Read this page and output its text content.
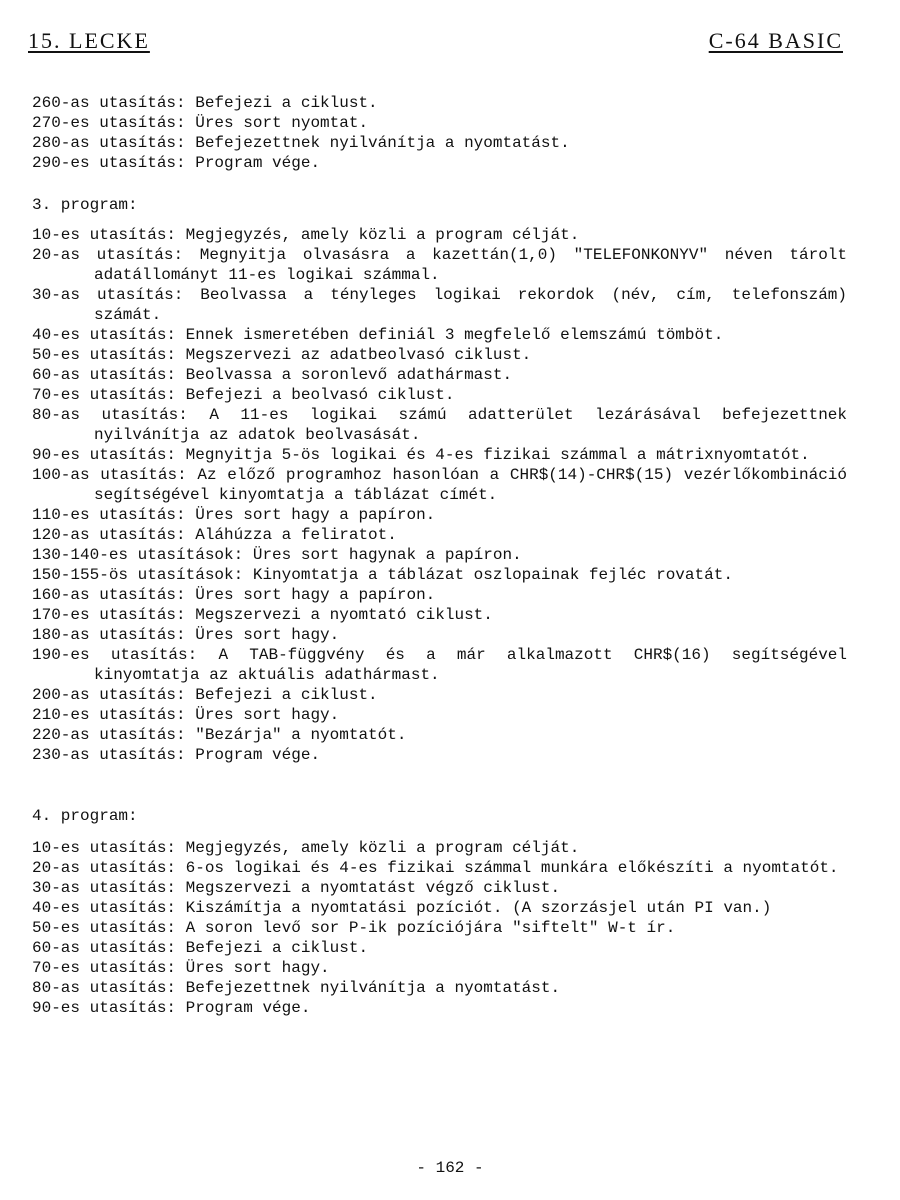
15. LECKE	C-64 BASIC
260-as utasítás: Befejezi a ciklust.
270-es utasítás: Üres sort nyomtat.
280-as utasítás: Befejezettnek nyilvánítja a nyomtatást.
290-es utasítás: Program vége.
3. program:
10-es utasítás: Megjegyzés, amely közli a program célját.
20-as utasítás: Megnyitja olvasásra a kazettán(1,0) "TELEFONKONYV" néven tárolt adatállományt 11-es logikai számmal.
30-as utasítás: Beolvassa a tényleges logikai rekordok (név, cím, telefonszám) számát.
40-es utasítás: Ennek ismeretében definiál 3 megfelelő elemszámú tömböt.
50-es utasítás: Megszervezi az adatbeolvasó ciklust.
60-as utasítás: Beolvassa a soronlevő adathármast.
70-es utasítás: Befejezi a beolvasó ciklust.
80-as utasítás: A 11-es logikai számú adatterület lezárásával befejezettnek nyilvánítja az adatok beolvasását.
90-es utasítás: Megnyitja 5-ös logikai és 4-es fizikai számmal a mátrixnyomtatót.
100-as utasítás: Az előző programhoz hasonlóan a CHR$(14)-CHR$(15) vezérlőkombináció segítségével kinyomtatja a táblázat címét.
110-es utasítás: Üres sort hagy a papíron.
120-as utasítás: Aláhúzza a feliratot.
130-140-es utasítások: Üres sort hagynak a papíron.
150-155-ös utasítások: Kinyomtatja a táblázat oszlopainak fejléc rovatát.
160-as utasítás: Üres sort hagy a papíron.
170-es utasítás: Megszervezi a nyomtató ciklust.
180-as utasítás: Üres sort hagy.
190-es utasítás: A TAB-függvény és a már alkalmazott CHR$(16) segítségével kinyomtatja az aktuális adathármast.
200-as utasítás: Befejezi a ciklust.
210-es utasítás: Üres sort hagy.
220-as utasítás: "Bezárja" a nyomtatót.
230-as utasítás: Program vége.
4. program:
10-es utasítás: Megjegyzés, amely közli a program célját.
20-as utasítás: 6-os logikai és 4-es fizikai számmal munkára előkészíti a nyomtatót.
30-as utasítás: Megszervezi a nyomtatást végző ciklust.
40-es utasítás: Kiszámítja a nyomtatási pozíciót. (A szorzásjel után PI van.)
50-es utasítás: A soron levő sor P-ik pozíciójára "siftelt" W-t ír.
60-as utasítás: Befejezi a ciklust.
70-es utasítás: Üres sort hagy.
80-as utasítás: Befejezettnek nyilvánítja a nyomtatást.
90-es utasítás: Program vége.
- 162 -
